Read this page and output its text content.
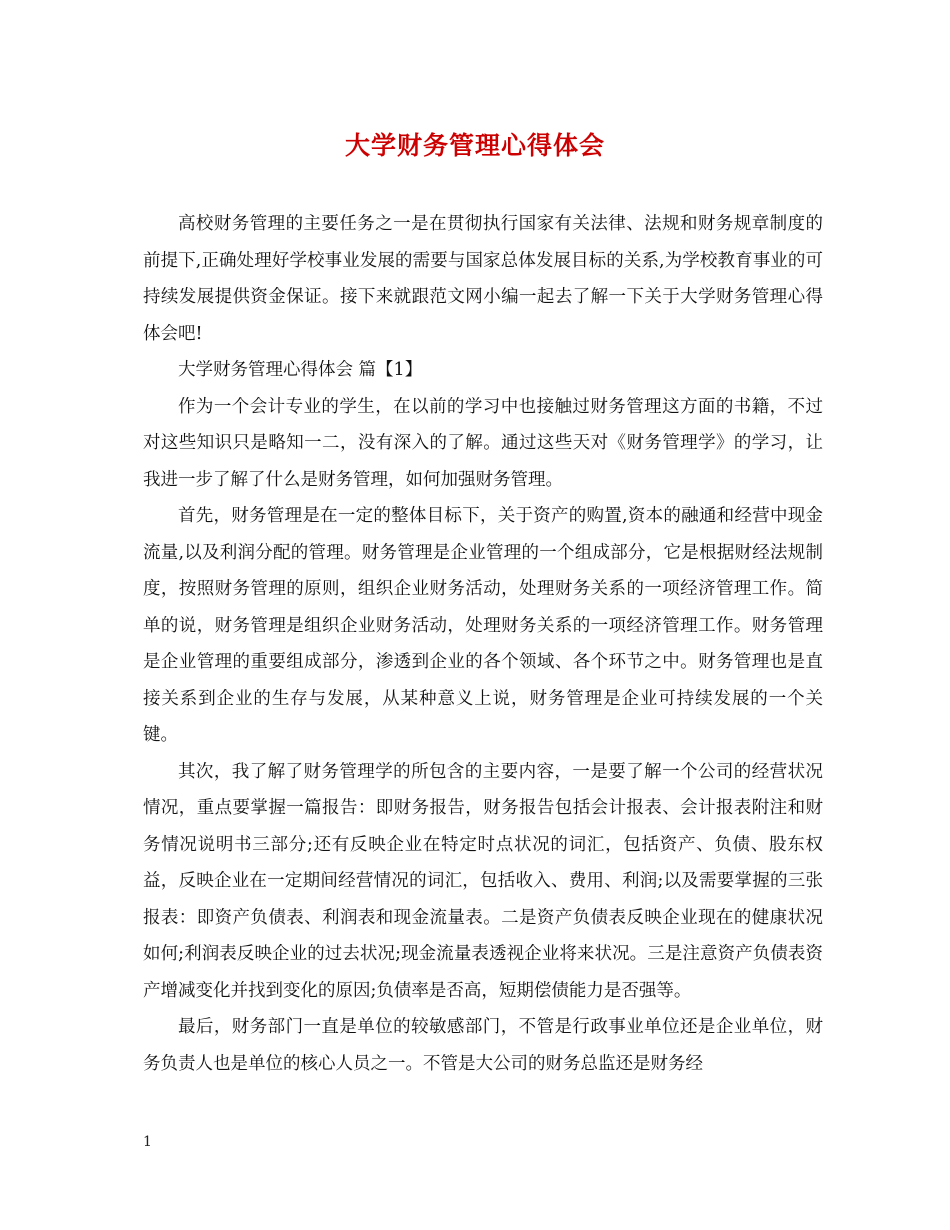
大学财务管理心得体会

高校财务管理的主要任务之一是在贯彻执行国家有关法律、法规和财务规章制度的前提下,正确处理好学校事业发展的需要与国家总体发展目标的关系,为学校教育事业的可持续发展提供资金保证。接下来就跟范文网小编一起去了解一下关于大学财务管理心得体会吧!

大学财务管理心得体会 篇【1】

作为一个会计专业的学生，在以前的学习中也接触过财务管理这方面的书籍，不过对这些知识只是略知一二，没有深入的了解。通过这些天对《财务管理学》的学习，让我进一步了解了什么是财务管理，如何加强财务管理。

首先，财务管理是在一定的整体目标下，关于资产的购置,资本的融通和经营中现金流量,以及利润分配的管理。财务管理是企业管理的一个组成部分，它是根据财经法规制度，按照财务管理的原则，组织企业财务活动，处理财务关系的一项经济管理工作。简单的说，财务管理是组织企业财务活动，处理财务关系的一项经济管理工作。财务管理是企业管理的重要组成部分，渗透到企业的各个领域、各个环节之中。财务管理也是直接关系到企业的生存与发展，从某种意义上说，财务管理是企业可持续发展的一个关键。

其次，我了解了财务管理学的所包含的主要内容，一是要了解一个公司的经营状况情况，重点要掌握一篇报告：即财务报告，财务报告包括会计报表、会计报表附注和财务情况说明书三部分;还有反映企业在特定时点状况的词汇，包括资产、负债、股东权益，反映企业在一定期间经营情况的词汇，包括收入、费用、利润;以及需要掌握的三张报表：即资产负债表、利润表和现金流量表。二是资产负债表反映企业现在的健康状况如何;利润表反映企业的过去状况;现金流量表透视企业将来状况。三是注意资产负债表资产增减变化并找到变化的原因;负债率是否高，短期偿债能力是否强等。

最后，财务部门一直是单位的较敏感部门，不管是行政事业单位还是企业单位，财务负责人也是单位的核心人员之一。不管是大公司的财务总监还是财务经

1
